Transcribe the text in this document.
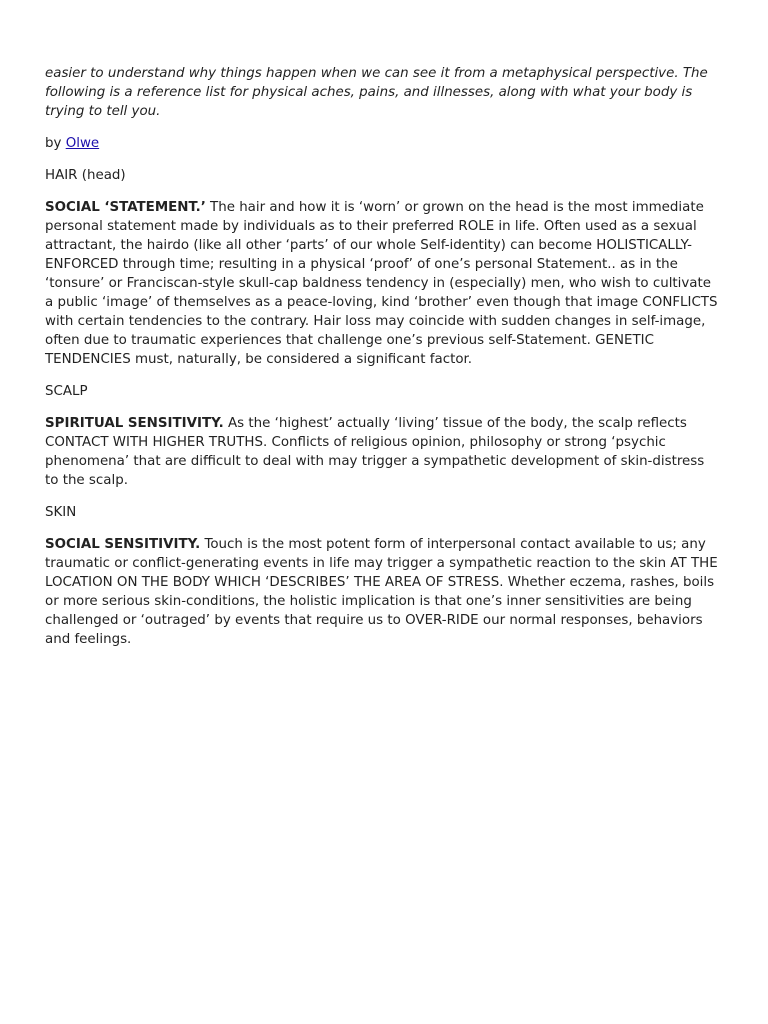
easier to understand why things happen when we can see it from a metaphysical perspective. The following is a reference list for physical aches, pains, and illnesses, along with what your body is trying to tell you.

by Olwe

HAIR (head)

SOCIAL ‘STATEMENT.’ The hair and how it is ‘worn’ or grown on the head is the most immediate personal statement made by individuals as to their preferred ROLE in life. Often used as a sexual attractant, the hairdo (like all other ‘parts’ of our whole Self-identity) can become HOLISTICALLY-ENFORCED through time; resulting in a physical ‘proof’ of one’s personal Statement.. as in the ‘tonsure’ or Franciscan-style skull-cap baldness tendency in (especially) men, who wish to cultivate a public ‘image’ of themselves as a peace-loving, kind ‘brother’ even though that image CONFLICTS with certain tendencies to the contrary. Hair loss may coincide with sudden changes in self-image, often due to traumatic experiences that challenge one’s previous self-Statement. GENETIC TENDENCIES must, naturally, be considered a significant factor.

SCALP

SPIRITUAL SENSITIVITY. As the ‘highest’ actually ‘living’ tissue of the body, the scalp reflects CONTACT WITH HIGHER TRUTHS. Conflicts of religious opinion, philosophy or strong ‘psychic phenomena’ that are difficult to deal with may trigger a sympathetic development of skin-distress to the scalp.

SKIN

SOCIAL SENSITIVITY. Touch is the most potent form of interpersonal contact available to us; any traumatic or conflict-generating events in life may trigger a sympathetic reaction to the skin AT THE LOCATION ON THE BODY WHICH ‘DESCRIBES’ THE AREA OF STRESS. Whether eczema, rashes, boils or more serious skin-conditions, the holistic implication is that one’s inner sensitivities are being challenged or ‘outraged’ by events that require us to OVER-RIDE our normal responses, behaviors and feelings.
